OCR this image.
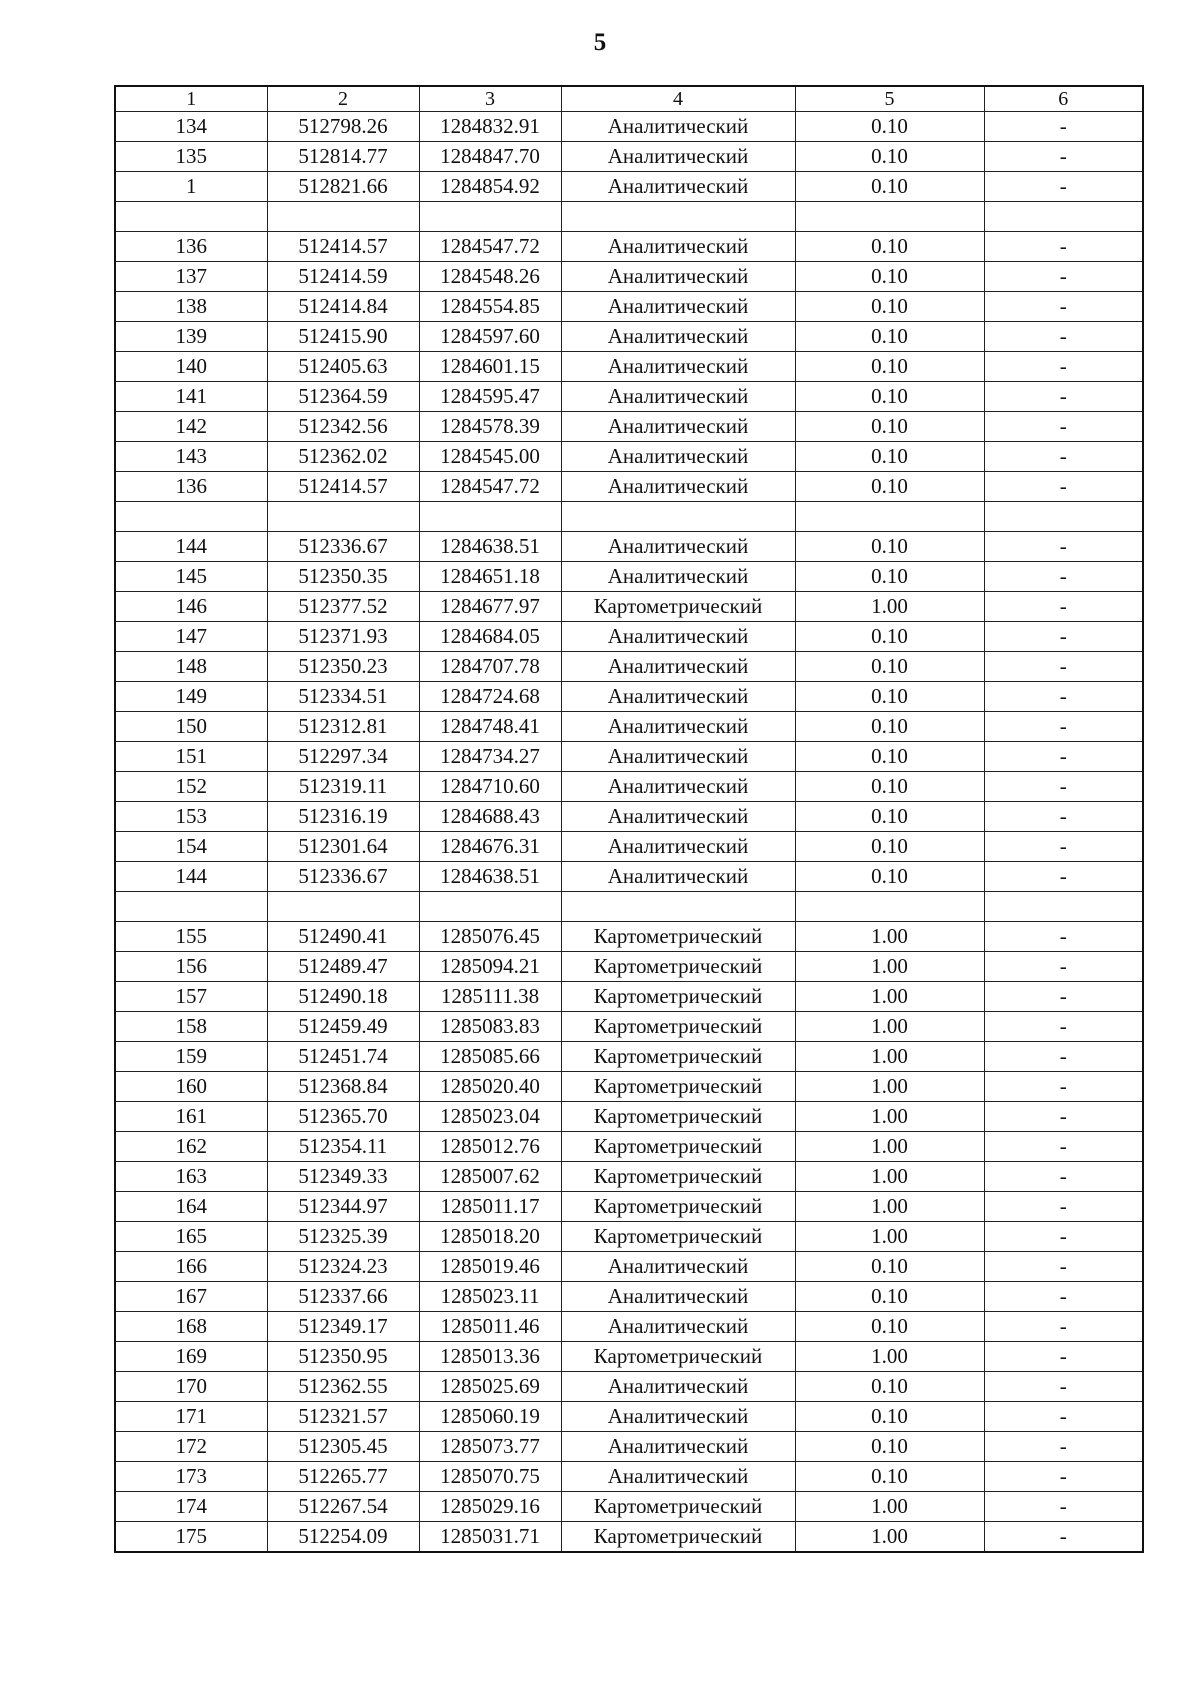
5
1	2	3	4	5	6
134	512798.26	1284832.91	Аналитический	0.10	-
135	512814.77	1284847.70	Аналитический	0.10	-
1	512821.66	1284854.92	Аналитический	0.10	-

136	512414.57	1284547.72	Аналитический	0.10	-
137	512414.59	1284548.26	Аналитический	0.10	-
138	512414.84	1284554.85	Аналитический	0.10	-
139	512415.90	1284597.60	Аналитический	0.10	-
140	512405.63	1284601.15	Аналитический	0.10	-
141	512364.59	1284595.47	Аналитический	0.10	-
142	512342.56	1284578.39	Аналитический	0.10	-
143	512362.02	1284545.00	Аналитический	0.10	-
136	512414.57	1284547.72	Аналитический	0.10	-

144	512336.67	1284638.51	Аналитический	0.10	-
145	512350.35	1284651.18	Аналитический	0.10	-
146	512377.52	1284677.97	Картометрический	1.00	-
147	512371.93	1284684.05	Аналитический	0.10	-
148	512350.23	1284707.78	Аналитический	0.10	-
149	512334.51	1284724.68	Аналитический	0.10	-
150	512312.81	1284748.41	Аналитический	0.10	-
151	512297.34	1284734.27	Аналитический	0.10	-
152	512319.11	1284710.60	Аналитический	0.10	-
153	512316.19	1284688.43	Аналитический	0.10	-
154	512301.64	1284676.31	Аналитический	0.10	-
144	512336.67	1284638.51	Аналитический	0.10	-

155	512490.41	1285076.45	Картометрический	1.00	-
156	512489.47	1285094.21	Картометрический	1.00	-
157	512490.18	1285111.38	Картометрический	1.00	-
158	512459.49	1285083.83	Картометрический	1.00	-
159	512451.74	1285085.66	Картометрический	1.00	-
160	512368.84	1285020.40	Картометрический	1.00	-
161	512365.70	1285023.04	Картометрический	1.00	-
162	512354.11	1285012.76	Картометрический	1.00	-
163	512349.33	1285007.62	Картометрический	1.00	-
164	512344.97	1285011.17	Картометрический	1.00	-
165	512325.39	1285018.20	Картометрический	1.00	-
166	512324.23	1285019.46	Аналитический	0.10	-
167	512337.66	1285023.11	Аналитический	0.10	-
168	512349.17	1285011.46	Аналитический	0.10	-
169	512350.95	1285013.36	Картометрический	1.00	-
170	512362.55	1285025.69	Аналитический	0.10	-
171	512321.57	1285060.19	Аналитический	0.10	-
172	512305.45	1285073.77	Аналитический	0.10	-
173	512265.77	1285070.75	Аналитический	0.10	-
174	512267.54	1285029.16	Картометрический	1.00	-
175	512254.09	1285031.71	Картометрический	1.00	-
